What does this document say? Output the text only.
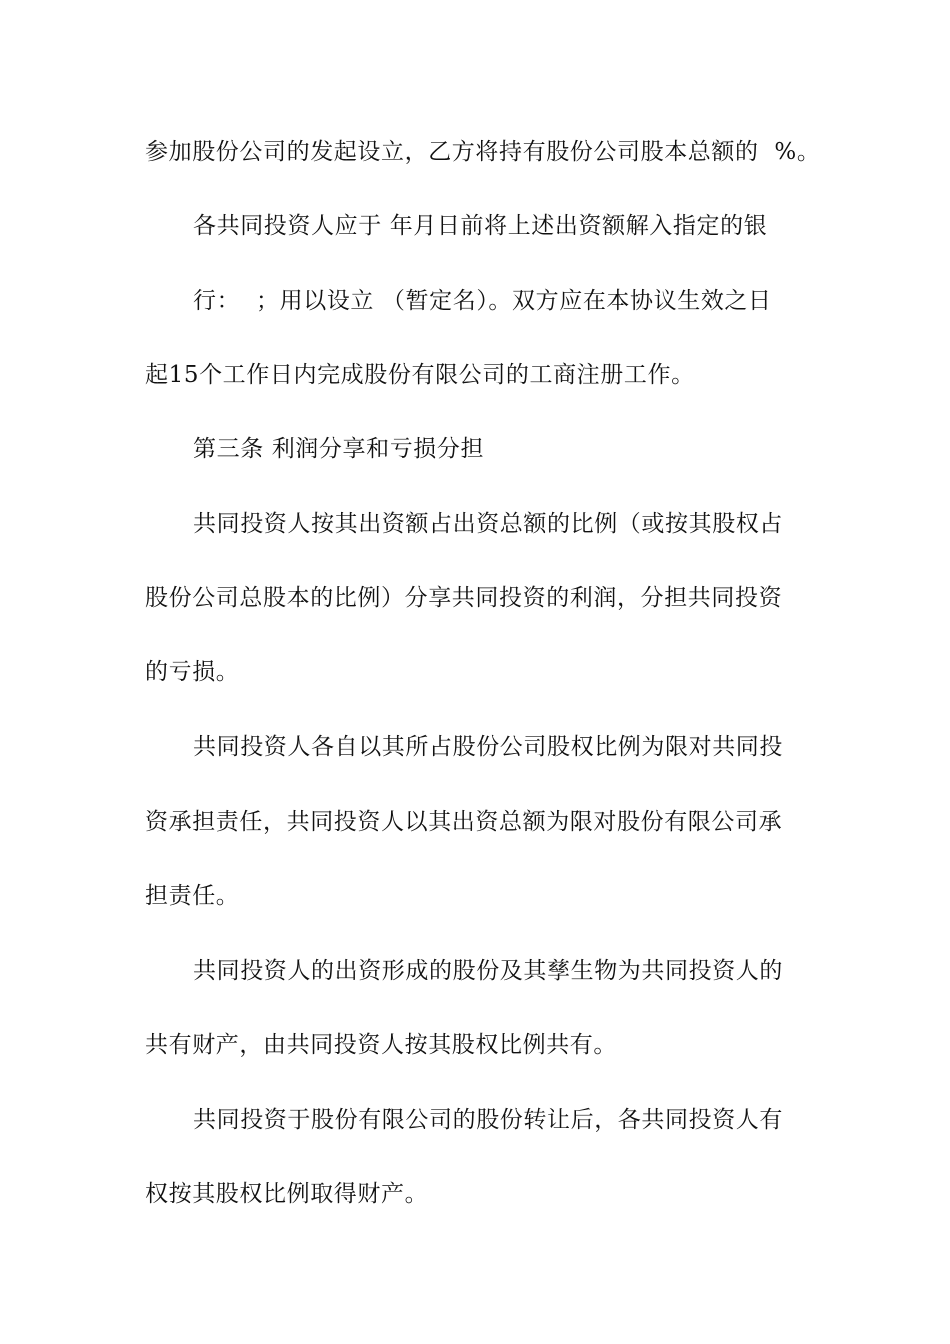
参加股份公司的发起设立，乙方将持有股份公司股本总额的  %。
各共同投资人应于 年月日前将上述出资额解入指定的银
行：  ；用以设立 （暂定名）。双方应在本协议生效之日
起15个工作日内完成股份有限公司的工商注册工作。
第三条 利润分享和亏损分担
共同投资人按其出资额占出资总额的比例（或按其股权占
股份公司总股本的比例）分享共同投资的利润，分担共同投资
的亏损。
共同投资人各自以其所占股份公司股权比例为限对共同投
资承担责任，共同投资人以其出资总额为限对股份有限公司承
担责任。
共同投资人的出资形成的股份及其孳生物为共同投资人的
共有财产，由共同投资人按其股权比例共有。
共同投资于股份有限公司的股份转让后，各共同投资人有
权按其股权比例取得财产。
